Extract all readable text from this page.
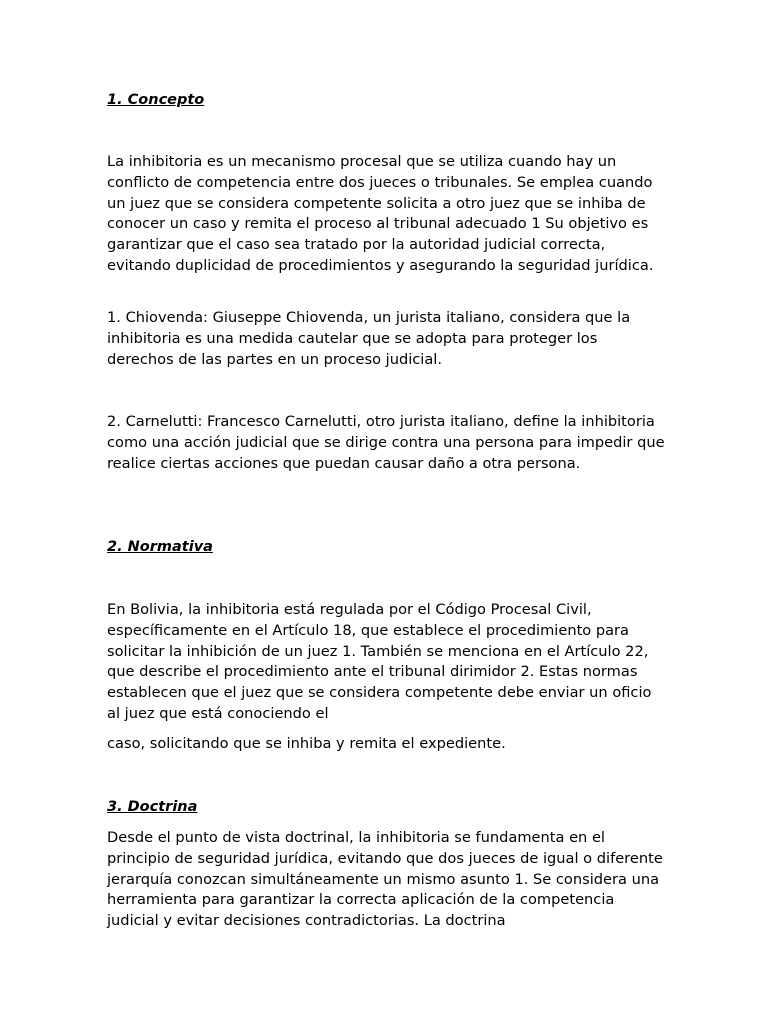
1. Concepto

La inhibitoria es un mecanismo procesal que se utiliza cuando hay un conflicto de competencia entre dos jueces o tribunales. Se emplea cuando un juez que se considera competente solicita a otro juez que se inhiba de conocer un caso y remita el proceso al tribunal adecuado 1 Su objetivo es garantizar que el caso sea tratado por la autoridad judicial correcta, evitando duplicidad de procedimientos y asegurando la seguridad jurídica.

1. Chiovenda: Giuseppe Chiovenda, un jurista italiano, considera que la inhibitoria es una medida cautelar que se adopta para proteger los derechos de las partes en un proceso judicial.

2. Carnelutti: Francesco Carnelutti, otro jurista italiano, define la inhibitoria como una acción judicial que se dirige contra una persona para impedir que realice ciertas acciones que puedan causar daño a otra persona.

2. Normativa

En Bolivia, la inhibitoria está regulada por el Código Procesal Civil, específicamente en el Artículo 18, que establece el procedimiento para solicitar la inhibición de un juez 1. También se menciona en el Artículo 22, que describe el procedimiento ante el tribunal dirimidor 2. Estas normas establecen que el juez que se considera competente debe enviar un oficio al juez que está conociendo el

caso, solicitando que se inhiba y remita el expediente.

3. Doctrina

Desde el punto de vista doctrinal, la inhibitoria se fundamenta en el principio de seguridad jurídica, evitando que dos jueces de igual o diferente jerarquía conozcan simultáneamente un mismo asunto 1. Se considera una herramienta para garantizar la correcta aplicación de la competencia judicial y evitar decisiones contradictorias. La doctrina
